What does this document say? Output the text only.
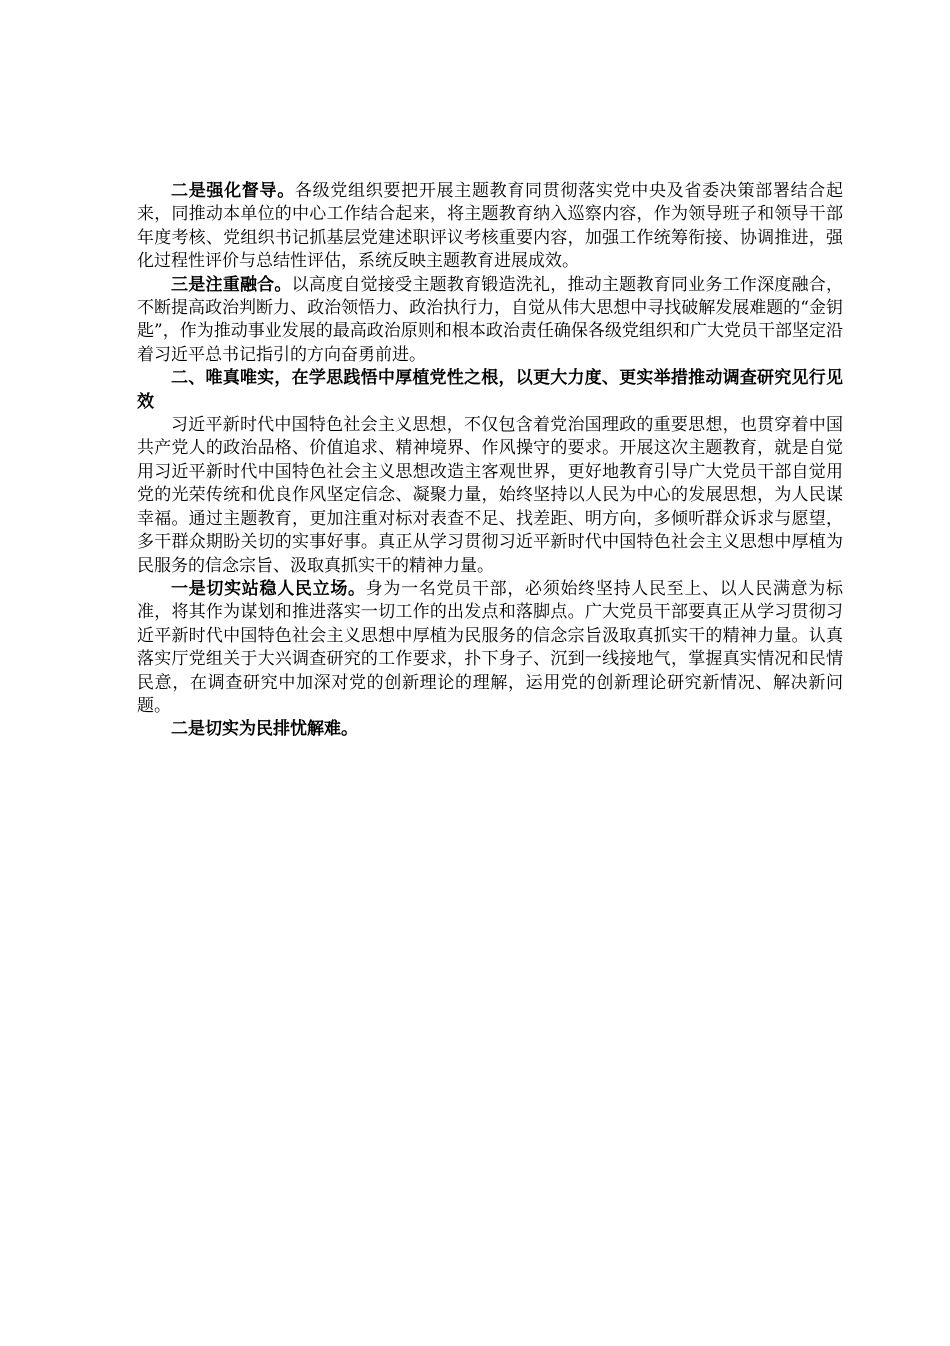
二是强化督导。各级党组织要把开展主题教育同贯彻落实党中央及省委决策部署结合起来，同推动本单位的中心工作结合起来，将主题教育纳入巡察内容，作为领导班子和领导干部年度考核、党组织书记抓基层党建述职评议考核重要内容，加强工作统筹衔接、协调推进，强化过程性评价与总结性评估，系统反映主题教育进展成效。

三是注重融合。以高度自觉接受主题教育锻造洗礼，推动主题教育同业务工作深度融合，不断提高政治判断力、政治领悟力、政治执行力，自觉从伟大思想中寻找破解发展难题的“金钥匙”，作为推动事业发展的最高政治原则和根本政治责任确保各级党组织和广大党员干部坚定沿着习近平总书记指引的方向奋勇前进。

二、唯真唯实，在学思践悟中厚植党性之根，以更大力度、更实举措推动调查研究见行见效

习近平新时代中国特色社会主义思想，不仅包含着党治国理政的重要思想，也贯穿着中国共产党人的政治品格、价值追求、精神境界、作风操守的要求。开展这次主题教育，就是自觉用习近平新时代中国特色社会主义思想改造主客观世界，更好地教育引导广大党员干部自觉用党的光荣传统和优良作风坚定信念、凝聚力量，始终坚持以人民为中心的发展思想，为人民谋幸福。通过主题教育，更加注重对标对表查不足、找差距、明方向，多倾听群众诉求与愿望，多干群众期盼关切的实事好事。真正从学习贯彻习近平新时代中国特色社会主义思想中厚植为民服务的信念宗旨、汲取真抓实干的精神力量。

一是切实站稳人民立场。身为一名党员干部，必须始终坚持人民至上、以人民满意为标准，将其作为谋划和推进落实一切工作的出发点和落脚点。广大党员干部要真正从学习贯彻习近平新时代中国特色社会主义思想中厚植为民服务的信念宗旨汲取真抓实干的精神力量。认真落实厅党组关于大兴调查研究的工作要求，扑下身子、沉到一线接地气，掌握真实情况和民情民意，在调查研究中加深对党的创新理论的理解，运用党的创新理论研究新情况、解决新问题。

二是切实为民排忧解难。
